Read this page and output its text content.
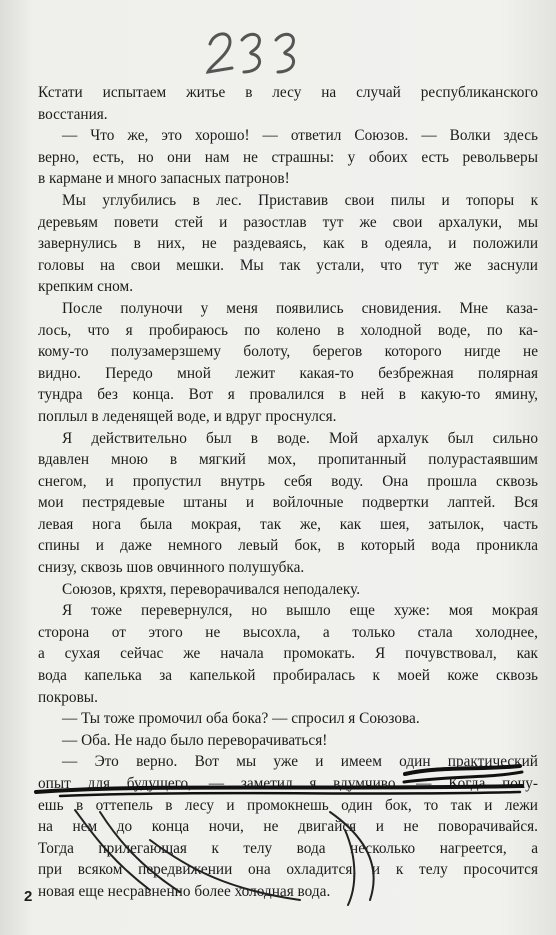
Кстати испытаем житье в лесу на случай республиканского
восстания.

— Что же, это хорошо! — ответил Союзов. — Волки здесь
верно, есть, но они нам не страшны: у обоих есть револьверы
в кармане и много запасных патронов!

Мы углубились в лес. Приставив свои пилы и топоры к
деревьям повети стей и разостлав тут же свои архалуки, мы
завернулись в них, не раздеваясь, как в одеяла, и положили
головы на свои мешки. Мы так устали, что тут же заснули
крепким сном.

После полуночи у меня появились сновидения. Мне каза-
лось, что я пробираюсь по колено в холодной воде, по ка-
кому-то полузамерзшему болоту, берегов которого нигде не
видно. Передо мной лежит какая-то безбрежная полярная
тундра без конца. Вот я провалился в ней в какую-то ямину,
поплыл в леденящей воде, и вдруг проснулся.

Я действительно был в воде. Мой архалук был сильно
вдавлен мною в мягкий мох, пропитанный полурастаявшим
снегом, и пропустил внутрь себя воду. Она прошла сквозь
мои пестрядевые штаны и войлочные подвертки лаптей. Вся
левая нога была мокрая, так же, как шея, затылок, часть
спины и даже немного левый бок, в который вода проникла
снизу, сквозь шов овчинного полушубка.

Союзов, кряхтя, переворачивался неподалеку.

Я тоже перевернулся, но вышло еще хуже: моя мокрая
сторона от этого не высохла, а только стала холоднее,
а сухая сейчас же начала промокать. Я почувствовал, как
вода капелька за капелькой пробиралась к моей коже сквозь
покровы.

— Ты тоже промочил оба бока? — спросил я Союзова.

— Оба. Не надо было переворачиваться!

— Это верно. Вот мы уже и имеем один практический
опыт для будущего, — заметил я вдумчиво. — Когда почу-
ешь в оттепель в лесу и промокнешь один бок, то так и лежи
на нем до конца ночи, не двигайся и не поворачивайся.
Тогда прилегающая к телу вода несколько нагреется, а
при всяком передвижении она охладится, и к телу просочится
новая еще несравненно более холодная вода.

2
